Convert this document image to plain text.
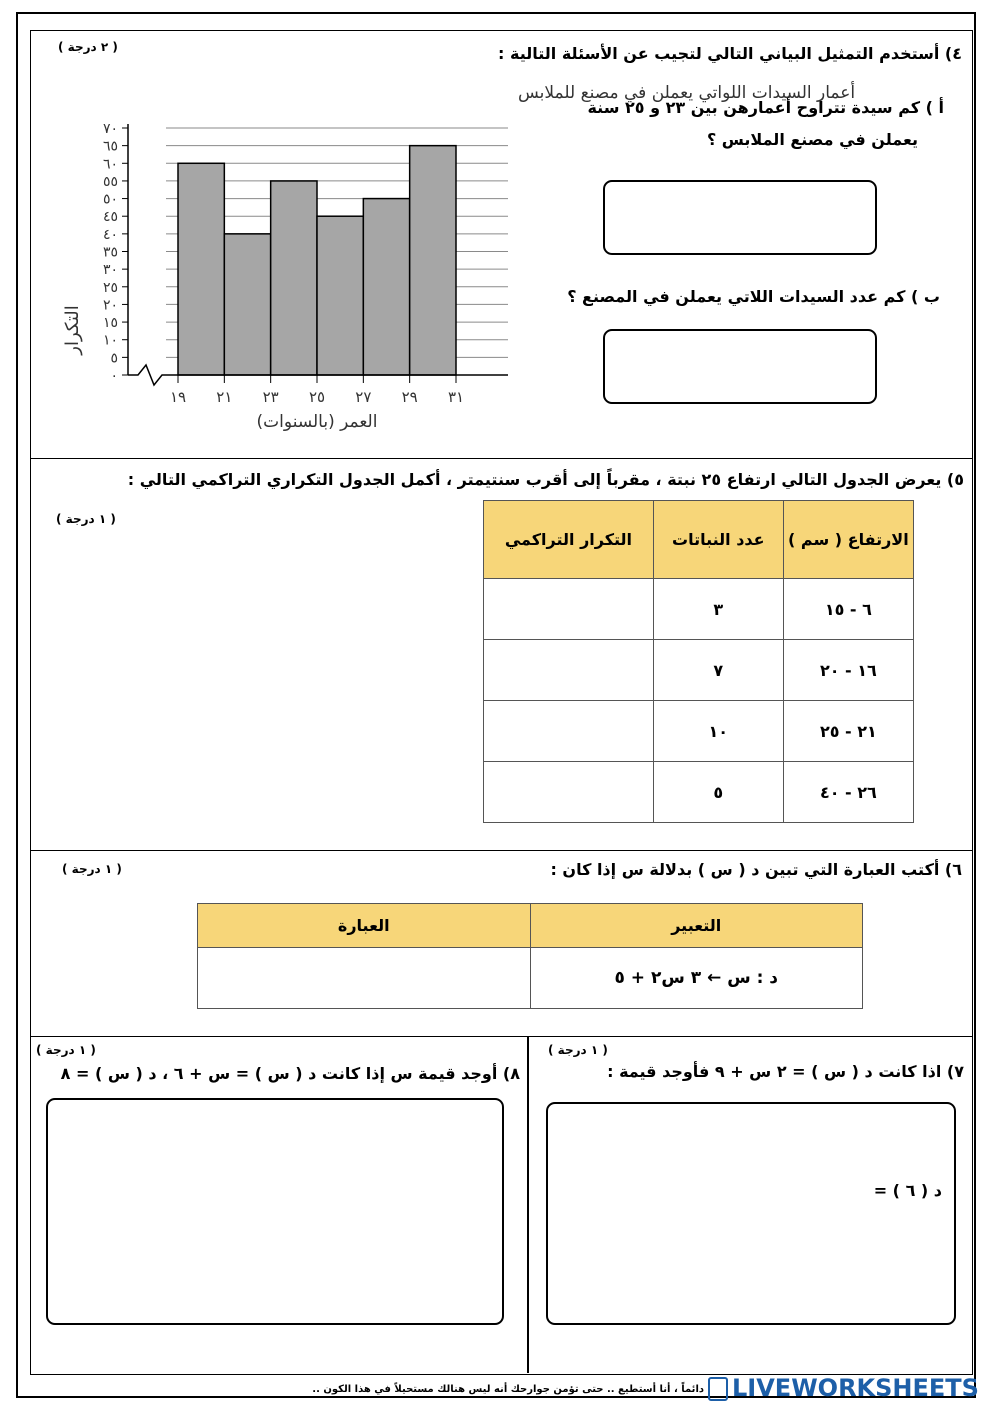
٤) أستخدم التمثيل البياني التالي لتجيب عن الأسئلة التالية :
( ٢ درجة )
أ ) كم سيدة تتراوح أعمارهن بين ٢٣ و ٢٥ سنة
يعملن في مصنع الملابس ؟
ب ) كم عدد السيدات اللاتي يعملن في المصنع ؟
أعمار السيدات اللواتي يعملن في مصنع للملابس
التكرار
العمر (بالسنوات)
٠
٥
١٠
١٥
٢٠
٢٥
٣٠
٣٥
٤٠
٤٥
٥٠
٥٥
٦٠
٦٥
٧٠
١٩ ٢١ ٢٣ ٢٥ ٢٧ ٢٩ ٣١
٥) يعرض الجدول التالي ارتفاع ٢٥ نبتة ، مقرباً إلى أقرب سنتيمتر ، أكمل الجدول التكراري التراكمي التالي :
( ١ درجة )
الارتفاع ( سم )	عدد النباتات	التكرار التراكمي
٦ - ١٥	٣	
١٦ - ٢٠	٧	
٢١ - ٢٥	١٠	
٢٦ - ٤٠	٥	
٦) أكتب العبارة التي تبين د ( س ) بدلالة س إذا كان :
( ١ درجة )
التعبير	العبارة
د : س ← ٣ س٢ + ٥	
( ١ درجة )
٧) اذا كانت د ( س ) = ٢ س + ٩ فأوجد قيمة :
د ( ٦ ) =
( ١ درجة )
٨) أوجد قيمة س إذا كانت د ( س ) = س + ٦ ، د ( س ) = ٨
دائماً ، أنا أستطيع .. حتى تؤمن جوارحك أنه ليس هنالك مستحيلاً في هذا الكون ..	LIVEWORKSHEETS
